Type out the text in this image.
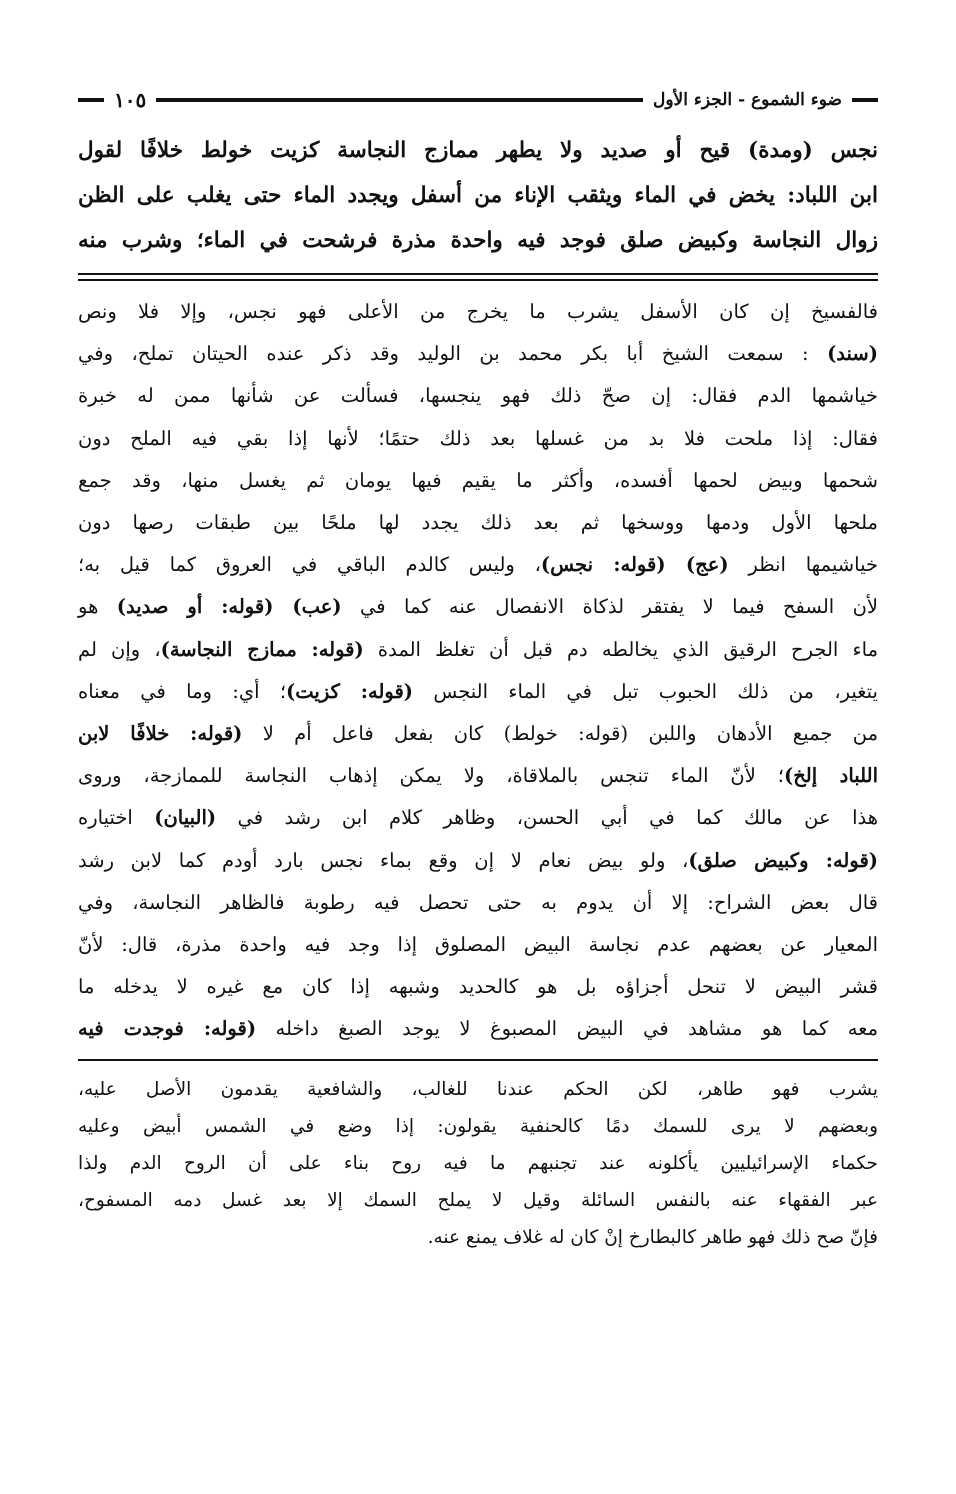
ضوء الشموع - الجزء الأول
١٠٥

نجس (ومدة) قيح أو صديد ولا يطهر ممازج النجاسة كزيت خولط خلافًا لقول

ابن اللباد: يخض في الماء ويثقب الإناء من أسفل ويجدد الماء حتى يغلب على الظن

زوال النجاسة وكبيض صلق فوجد فيه واحدة مذرة فرشحت في الماء؛ وشرب منه

فالفسيخ إن كان الأسفل يشرب ما يخرج من الأعلى فهو نجس، وإلا فلا ونص

(سند) : سمعت الشيخ أبا بكر محمد بن الوليد وقد ذكر عنده الحيتان تملح، وفي

خياشمها الدم فقال: إن صحّ ذلك فهو ينجسها، فسألت عن شأنها ممن له خبرة

فقال: إذا ملحت فلا بد من غسلها بعد ذلك حتمًا؛ لأنها إذا بقي فيه الملح دون

شحمها وبيض لحمها أفسده، وأكثر ما يقيم فيها يومان ثم يغسل منها، وقد جمع

ملحها الأول ودمها ووسخها ثم بعد ذلك يجدد لها ملحًا بين طبقات رصها دون

خياشيمها انظر (عج) (قوله: نجس)، وليس كالدم الباقي في العروق كما قيل به؛

لأن السفح فيما لا يفتقر لذكاة الانفصال عنه كما في (عب) (قوله: أو صديد) هو

ماء الجرح الرقيق الذي يخالطه دم قبل أن تغلظ المدة (قوله: ممازج النجاسة)، وإن لم

يتغير، من ذلك الحبوب تبل في الماء النجس (قوله: كزيت)؛ أي: وما في معناه

من جميع الأدهان واللبن (قوله: خولط) كان بفعل فاعل أم لا (قوله: خلافًا لابن

اللباد إلخ)؛ لأنّ الماء تنجس بالملاقاة، ولا يمكن إذهاب النجاسة للممازجة، وروى

هذا عن مالك كما في أبي الحسن، وظاهر كلام ابن رشد في (البيان) اختياره

(قوله: وكبيض صلق)، ولو بيض نعام لا إن وقع بماء نجس بارد أودم كما لابن رشد

قال بعض الشراح: إلا أن يدوم به حتى تحصل فيه رطوبة فالظاهر النجاسة، وفي

المعيار عن بعضهم عدم نجاسة البيض المصلوق إذا وجد فيه واحدة مذرة، قال: لأنّ

قشر البيض لا تنحل أجزاؤه بل هو كالحديد وشبهه إذا كان مع غيره لا يدخله ما

معه كما هو مشاهد في البيض المصبوغ لا يوجد الصبغ داخله (قوله: فوجدت فيه

يشرب فهو طاهر، لكن الحكم عندنا للغالب، والشافعية يقدمون الأصل عليه،

وبعضهم لا يرى للسمك دمًا كالحنفية يقولون: إذا وضع في الشمس أبيض وعليه

حكماء الإسرائيليين يأكلونه عند تجنبهم ما فيه روح بناء على أن الروح الدم ولذا

عبر الفقهاء عنه بالنفس السائلة وقيل لا يملح السمك إلا بعد غسل دمه المسفوح،

فإنّ صح ذلك فهو طاهر كالبطارخ إنْ كان له غلاف يمنع عنه.
